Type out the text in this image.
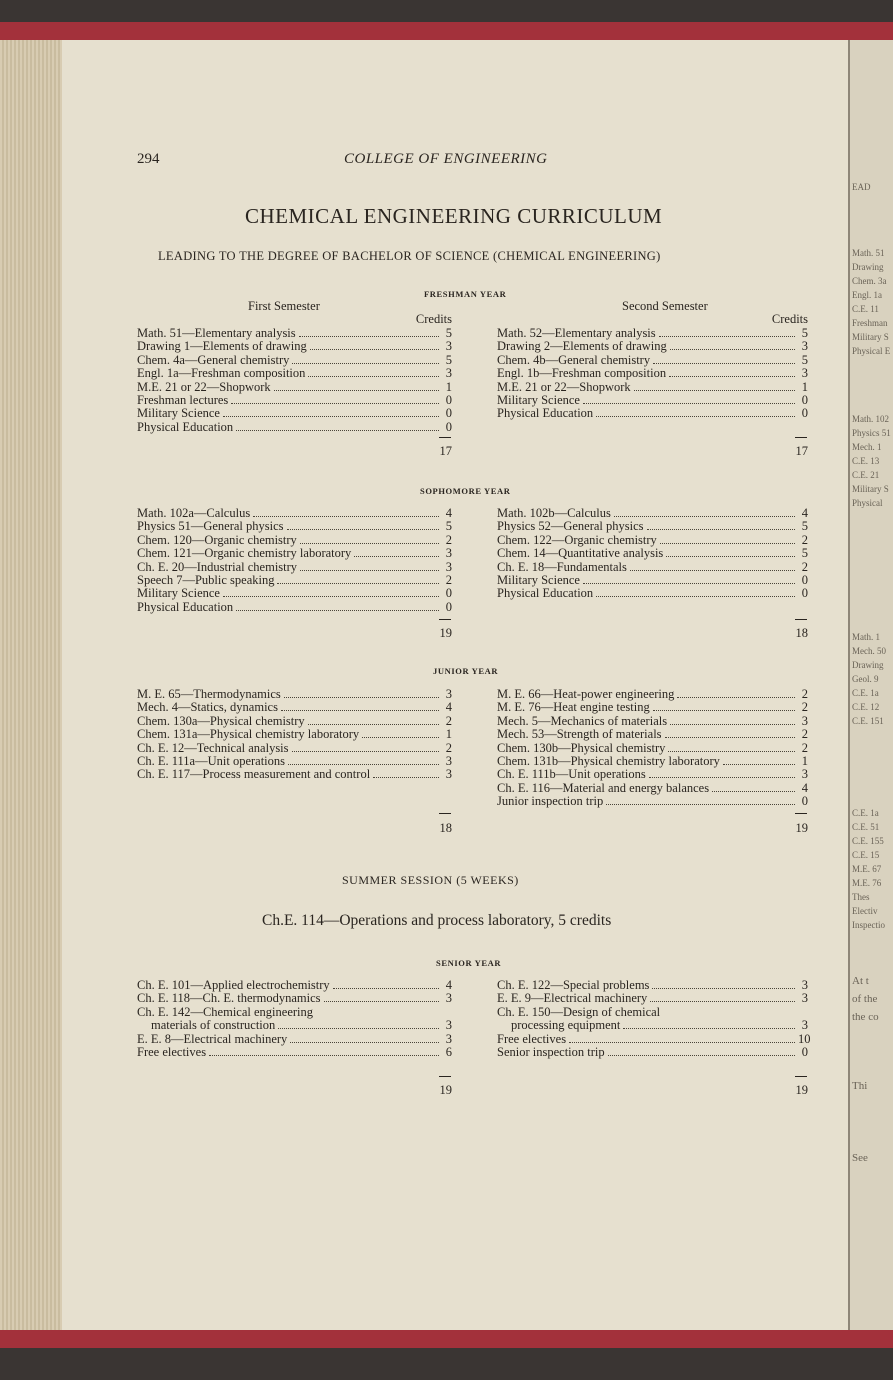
294	COLLEGE OF ENGINEERING
CHEMICAL ENGINEERING CURRICULUM
LEADING TO THE DEGREE OF BACHELOR OF SCIENCE (CHEMICAL ENGINEERING)
FRESHMAN YEAR
First Semester	Second Semester
Credits	Credits
Math. 51—Elementary analysis	5
Drawing 1—Elements of drawing	3
Chem. 4a—General chemistry	5
Engl. 1a—Freshman composition	3
M.E. 21 or 22—Shopwork	1
Freshman lectures	0
Military Science	0
Physical Education	0
Math. 52—Elementary analysis	5
Drawing 2—Elements of drawing	3
Chem. 4b—General chemistry	5
Engl. 1b—Freshman composition	3
M.E. 21 or 22—Shopwork	1
Military Science	0
Physical Education	0
17	17
SOPHOMORE YEAR
Math. 102a—Calculus	4
Physics 51—General physics	5
Chem. 120—Organic chemistry	2
Chem. 121—Organic chemistry laboratory	3
Ch. E. 20—Industrial chemistry	3
Speech 7—Public speaking	2
Military Science	0
Physical Education	0
Math. 102b—Calculus	4
Physics 52—General physics	5
Chem. 122—Organic chemistry	2
Chem. 14—Quantitative analysis	5
Ch. E. 18—Fundamentals	2
Military Science	0
Physical Education	0
19	18
JUNIOR YEAR
M. E. 65—Thermodynamics	3
Mech. 4—Statics, dynamics	4
Chem. 130a—Physical chemistry	2
Chem. 131a—Physical chemistry laboratory	1
Ch. E. 12—Technical analysis	2
Ch. E. 111a—Unit operations	3
Ch. E. 117—Process measurement and control	3
M. E. 66—Heat-power engineering	2
M. E. 76—Heat engine testing	2
Mech. 5—Mechanics of materials	3
Mech. 53—Strength of materials	2
Chem. 130b—Physical chemistry	2
Chem. 131b—Physical chemistry laboratory	1
Ch. E. 111b—Unit operations	3
Ch. E. 116—Material and energy balances	4
Junior inspection trip	0
18	19
SUMMER SESSION (5 WEEKS)
Ch.E. 114—Operations and process laboratory, 5 credits
SENIOR YEAR
Ch. E. 101—Applied electrochemistry	4
Ch. E. 118—Ch. E. thermodynamics	3
Ch. E. 142—Chemical engineering
materials of construction	3
E. E. 8—Electrical machinery	3
Free electives	6
Ch. E. 122—Special problems	3
E. E. 9—Electrical machinery	3
Ch. E. 150—Design of chemical
processing equipment	3
Free electives	10
Senior inspection trip	0
19	19
EAD
Math. 51
Drawing
Chem. 3a
Engl. 1a
C.E. 11
Freshman
Military S
Physical E
Math. 102
Physics 51
Mech. 1
C.E. 13
C.E. 21
Military S
Physical
Math. 1
Mech. 50
Drawing
Geol. 9
C.E. 1a
C.E. 12
C.E. 151
C.E. 1a
C.E. 51
C.E. 155
C.E. 15
M.E. 67
M.E. 76
Thes
Electiv
Inspectio
At t
of the
the co
Thi
See
